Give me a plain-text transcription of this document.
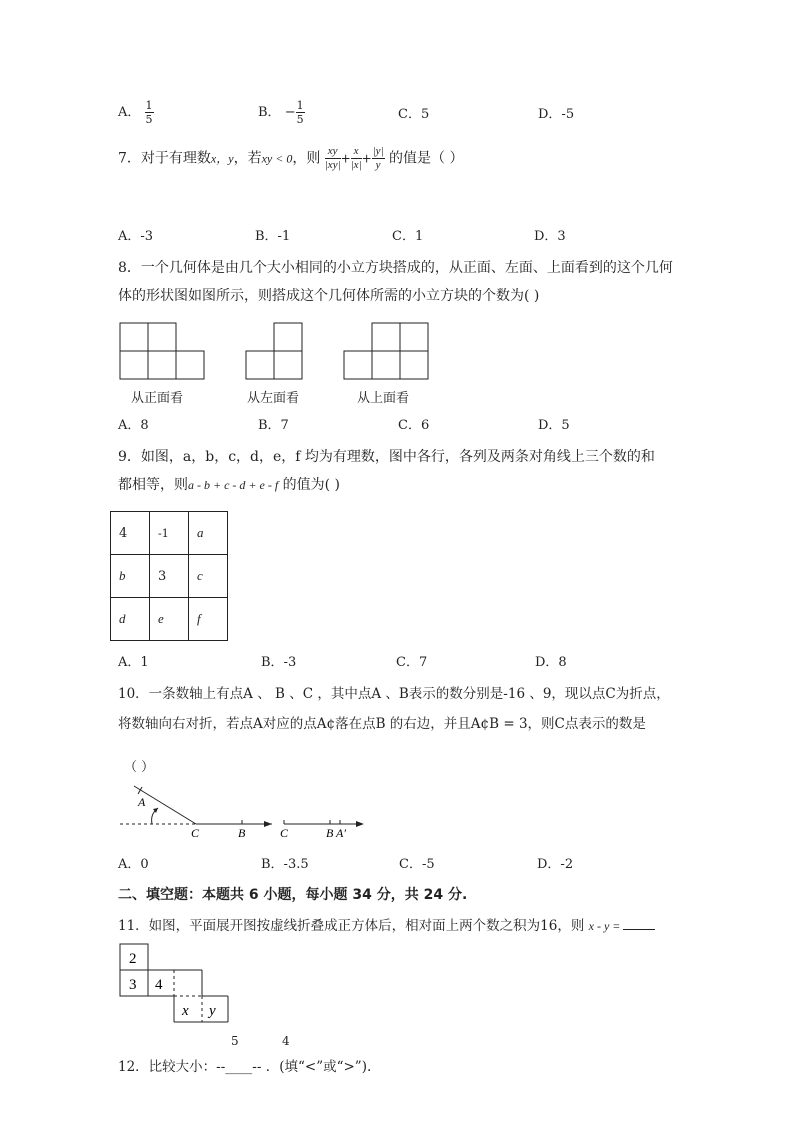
A． $\frac{1}{5}$	B． − $\frac{1}{5}$	C．5	D．-5
7．对于有理数x，y，若xy < 0，则 $\frac{xy}{|xy|} + \frac{x}{|x|} + \frac{|y|}{y}$ 的值是（ ）
A．-3	B．-1	C．1	D．3
8．一个几何体是由几个大小相同的小立方块搭成的，从正面、左面、上面看到的这个几何
体的形状图如图所示，则搭成这个几何体所需的小立方块的个数为( )
从正面看	从左面看	从上面看
A．8	B．7	C．6	D．5
9．如图，a，b，c，d，e，f 均为有理数，图中各行，各列及两条对角线上三个数的和
都相等，则a - b + c - d + e - f 的值为( )
4	-1	a
b	3	c
d	e	f
A．1	B．-3	C．7	D．8
10．一条数轴上有点A 、 B 、C ，其中点A 、B表示的数分别是-16 、9，现以点C为折点，
将数轴向右对折，若点A对应的点A¢落在点B 的右边，并且A¢B = 3，则C点表示的数是
（ ）
A
C	B	C	B A′
A．0	B．-3.5	C．-5	D．-2
二、填空题：本题共 6 小题，每小题 34 分，共 24 分.
11．如图，平面展开图按虚线折叠成正方体后，相对面上两个数之积为16，则 x - y =
2
3 4
x y
5	4
12．比较大小：--____-- ．(填“<”或“>”).
